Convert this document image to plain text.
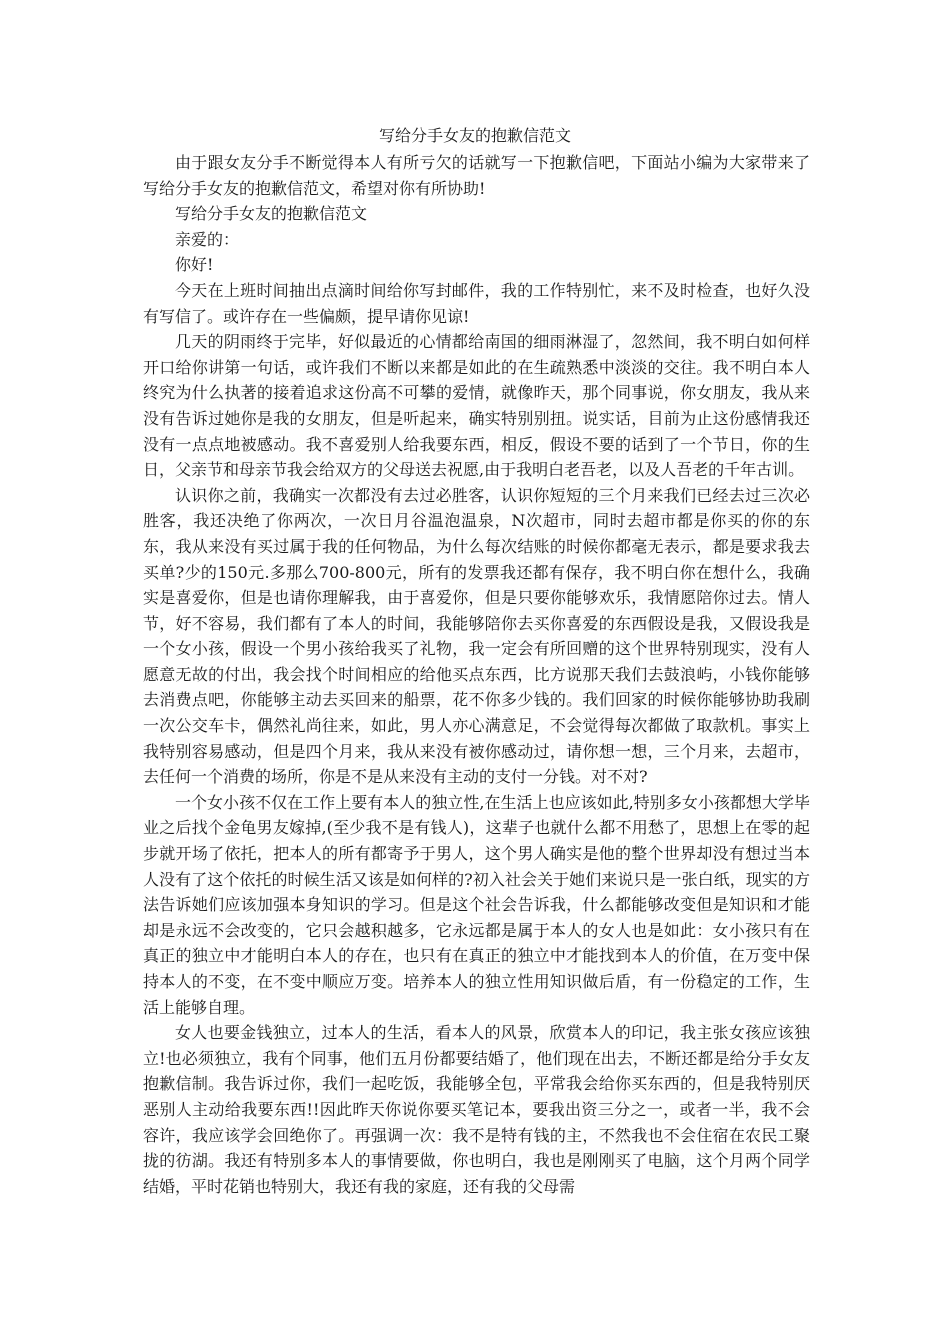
写给分手女友的抱歉信范文

由于跟女友分手不断觉得本人有所亏欠的话就写一下抱歉信吧，下面站小编为大家带来了写给分手女友的抱歉信范文，希望对你有所协助!

写给分手女友的抱歉信范文

亲爱的：

你好!

今天在上班时间抽出点滴时间给你写封邮件，我的工作特别忙，来不及时检查，也好久没有写信了。或许存在一些偏颇，提早请你见谅!

几天的阴雨终于完毕，好似最近的心情都给南国的细雨淋湿了，忽然间，我不明白如何样开口给你讲第一句话，或许我们不断以来都是如此的在生疏熟悉中淡淡的交往。我不明白本人终究为什么执著的接着追求这份高不可攀的爱情，就像昨天，那个同事说，你女朋友，我从来没有告诉过她你是我的女朋友，但是听起来，确实特别别扭。说实话，目前为止这份感情我还没有一点点地被感动。我不喜爱别人给我要东西，相反，假设不要的话到了一个节日，你的生日，父亲节和母亲节我会给双方的父母送去祝愿,由于我明白老吾老，以及人吾老的千年古训。

认识你之前，我确实一次都没有去过必胜客，认识你短短的三个月来我们已经去过三次必胜客，我还决绝了你两次，一次日月谷温泡温泉，N次超市，同时去超市都是你买的你的东东，我从来没有买过属于我的任何物品，为什么每次结账的时候你都毫无表示，都是要求我去买单?少的150元.多那么700-800元，所有的发票我还都有保存，我不明白你在想什么，我确实是喜爱你，但是也请你理解我，由于喜爱你，但是只要你能够欢乐，我情愿陪你过去。情人节，好不容易，我们都有了本人的时间，我能够陪你去买你喜爱的东西假设是我，又假设我是一个女小孩，假设一个男小孩给我买了礼物，我一定会有所回赠的这个世界特别现实，没有人愿意无故的付出，我会找个时间相应的给他买点东西，比方说那天我们去鼓浪屿，小钱你能够去消费点吧，你能够主动去买回来的船票，花不你多少钱的。我们回家的时候你能够协助我刷一次公交车卡，偶然礼尚往来，如此，男人亦心满意足，不会觉得每次都做了取款机。事实上我特别容易感动，但是四个月来，我从来没有被你感动过，请你想一想，三个月来，去超市，去任何一个消费的场所，你是不是从来没有主动的支付一分钱。对不对?

一个女小孩不仅在工作上要有本人的独立性,在生活上也应该如此,特别多女小孩都想大学毕业之后找个金龟男友嫁掉,(至少我不是有钱人)，这辈子也就什么都不用愁了，思想上在零的起步就开场了依托，把本人的所有都寄予于男人，这个男人确实是他的整个世界却没有想过当本人没有了这个依托的时候生活又该是如何样的?初入社会关于她们来说只是一张白纸，现实的方法告诉她们应该加强本身知识的学习。但是这个社会告诉我，什么都能够改变但是知识和才能却是永远不会改变的，它只会越积越多，它永远都是属于本人的女人也是如此：女小孩只有在真正的独立中才能明白本人的存在，也只有在真正的独立中才能找到本人的价值，在万变中保持本人的不变，在不变中顺应万变。培养本人的独立性用知识做后盾，有一份稳定的工作，生活上能够自理。

女人也要金钱独立，过本人的生活，看本人的风景，欣赏本人的印记，我主张女孩应该独立!也必须独立，我有个同事，他们五月份都要结婚了，他们现在出去，不断还都是给分手女友抱歉信制。我告诉过你，我们一起吃饭，我能够全包，平常我会给你买东西的，但是我特别厌恶别人主动给我要东西!!因此昨天你说你要买笔记本，要我出资三分之一，或者一半，我不会容许，我应该学会回绝你了。再强调一次：我不是特有钱的主，不然我也不会住宿在农民工聚拢的彷湖。我还有特别多本人的事情要做，你也明白，我也是刚刚买了电脑，这个月两个同学结婚，平时花销也特别大，我还有我的家庭，还有我的父母需
